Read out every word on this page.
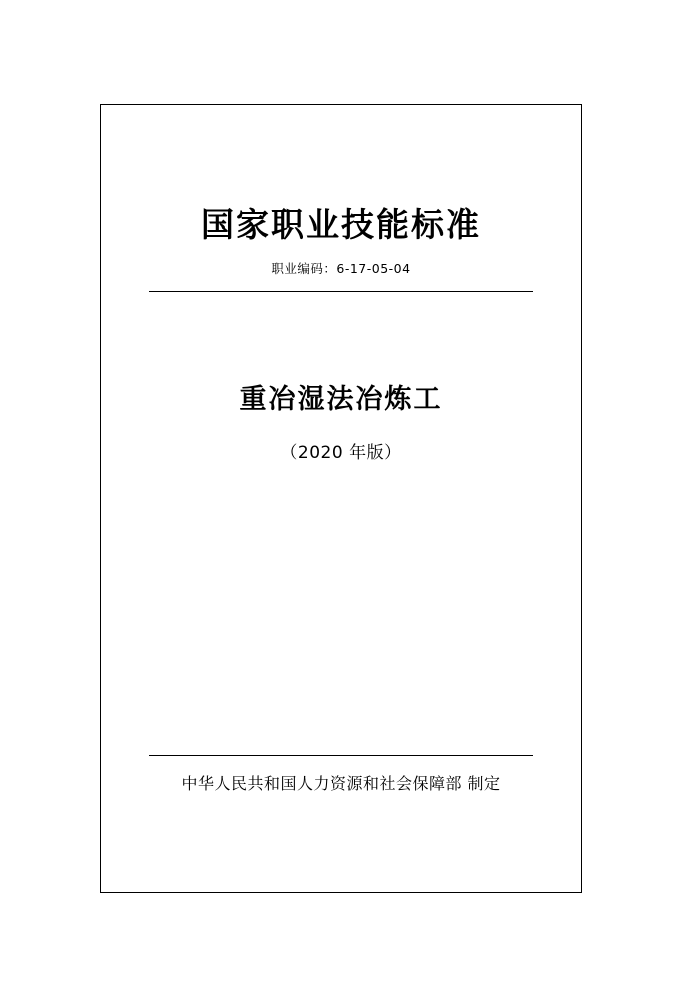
国家职业技能标准
职业编码：6-17-05-04
重冶湿法冶炼工
（2020 年版）
中华人民共和国人力资源和社会保障部 制定
